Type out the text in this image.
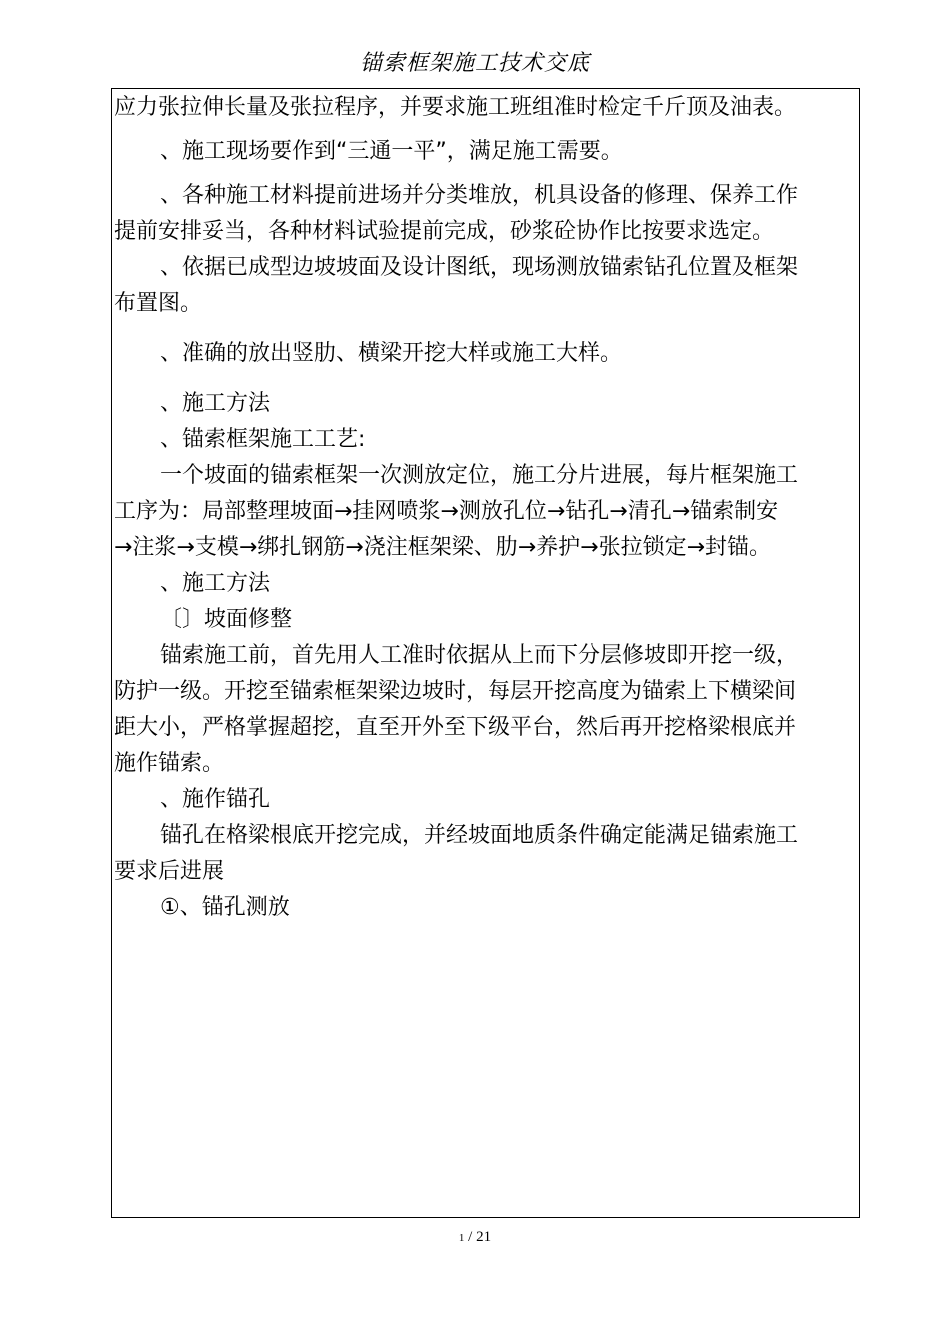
锚索框架施工技术交底

应力张拉伸长量及张拉程序，并要求施工班组准时检定千斤顶及油表。

、施工现场要作到“三通一平”，满足施工需要。

、各种施工材料提前进场并分类堆放，机具设备的修理、保养工作

提前安排妥当，各种材料试验提前完成，砂浆砼协作比按要求选定。

、依据已成型边坡坡面及设计图纸，现场测放锚索钻孔位置及框架

布置图。

、准确的放出竖肋、横梁开挖大样或施工大样。

、施工方法

、锚索框架施工工艺:

一个坡面的锚索框架一次测放定位，施工分片进展，每片框架施工

工序为：局部整理坡面→挂网喷浆→测放孔位→钻孔→清孔→锚索制安

→注浆→支模→绑扎钢筋→浇注框架梁、肋→养护→张拉锁定→封锚。

、施工方法

〔〕坡面修整

锚索施工前，首先用人工准时依据从上而下分层修坡即开挖一级，

防护一级。开挖至锚索框架梁边坡时，每层开挖高度为锚索上下横梁间

距大小，严格掌握超挖，直至开外至下级平台，然后再开挖格梁根底并

施作锚索。

、施作锚孔

锚孔在格梁根底开挖完成，并经坡面地质条件确定能满足锚索施工

要求后进展

①、锚孔测放

1 / 21
